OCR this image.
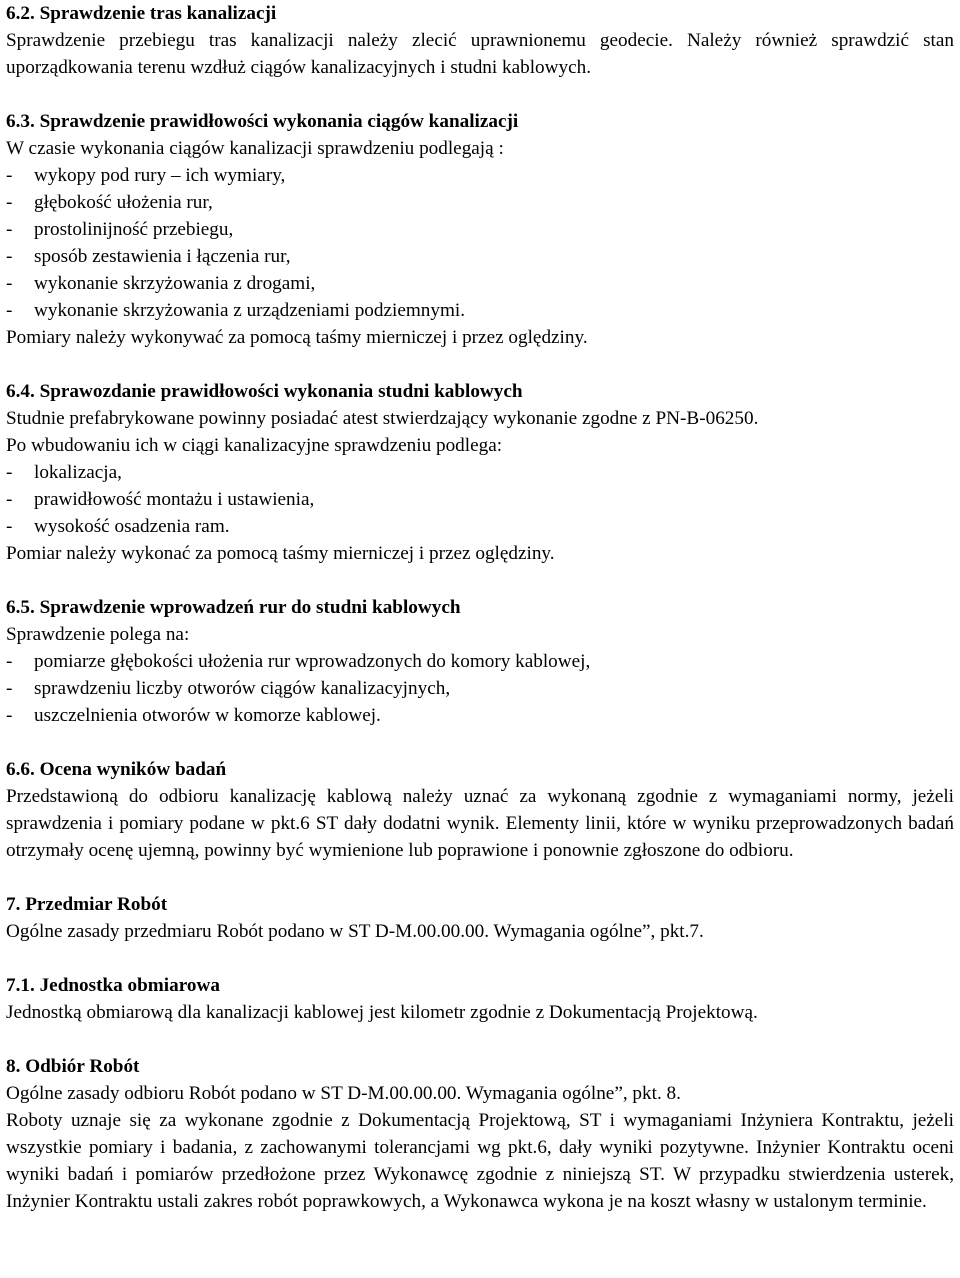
6.2. Sprawdzenie tras kanalizacji

Sprawdzenie przebiegu tras kanalizacji należy zlecić uprawnionemu geodecie. Należy również sprawdzić stan uporządkowania terenu wzdłuż ciągów kanalizacyjnych i studni kablowych.

6.3. Sprawdzenie prawidłowości wykonania ciągów kanalizacji

W czasie wykonania ciągów kanalizacji sprawdzeniu podlegają :

- wykopy pod rury – ich wymiary,
- głębokość ułożenia rur,
- prostolinijność przebiegu,
- sposób zestawienia i łączenia rur,
- wykonanie skrzyżowania z drogami,
- wykonanie skrzyżowania z urządzeniami podziemnymi.

Pomiary należy wykonywać za pomocą taśmy mierniczej i przez oględziny.

6.4. Sprawozdanie prawidłowości wykonania studni kablowych

Studnie prefabrykowane powinny posiadać atest stwierdzający wykonanie zgodne z PN-B-06250.

Po wbudowaniu ich w ciągi kanalizacyjne sprawdzeniu podlega:

- lokalizacja,
- prawidłowość montażu i ustawienia,
- wysokość osadzenia ram.

Pomiar należy wykonać za pomocą taśmy mierniczej i przez oględziny.

6.5. Sprawdzenie wprowadzeń rur do studni kablowych

Sprawdzenie polega na:

- pomiarze głębokości ułożenia rur wprowadzonych do komory kablowej,
- sprawdzeniu liczby otworów ciągów kanalizacyjnych,
- uszczelnienia otworów w komorze kablowej.
6.6. Ocena wyników badań

Przedstawioną do odbioru kanalizację kablową należy uznać za wykonaną zgodnie z wymaganiami normy, jeżeli sprawdzenia i pomiary podane w pkt.6 ST dały dodatni wynik. Elementy linii, które w wyniku przeprowadzonych badań otrzymały ocenę ujemną, powinny być wymienione lub poprawione i ponownie zgłoszone do odbioru.

7. Przedmiar Robót

Ogólne zasady przedmiaru Robót podano w ST D-M.00.00.00. Wymagania ogólne”, pkt.7.

7.1. Jednostka obmiarowa

Jednostką obmiarową dla kanalizacji kablowej jest kilometr zgodnie z Dokumentacją Projektową.

8. Odbiór Robót

Ogólne zasady odbioru Robót podano w ST D-M.00.00.00. Wymagania ogólne”, pkt. 8.

Roboty uznaje się za wykonane zgodnie z Dokumentacją Projektową, ST i wymaganiami Inżyniera Kontraktu, jeżeli wszystkie pomiary i badania, z zachowanymi tolerancjami wg pkt.6, dały wyniki pozytywne. Inżynier Kontraktu oceni wyniki badań i pomiarów przedłożone przez Wykonawcę zgodnie z niniejszą ST. W przypadku stwierdzenia usterek, Inżynier Kontraktu ustali zakres robót poprawkowych, a Wykonawca wykona je na koszt własny w ustalonym terminie.
